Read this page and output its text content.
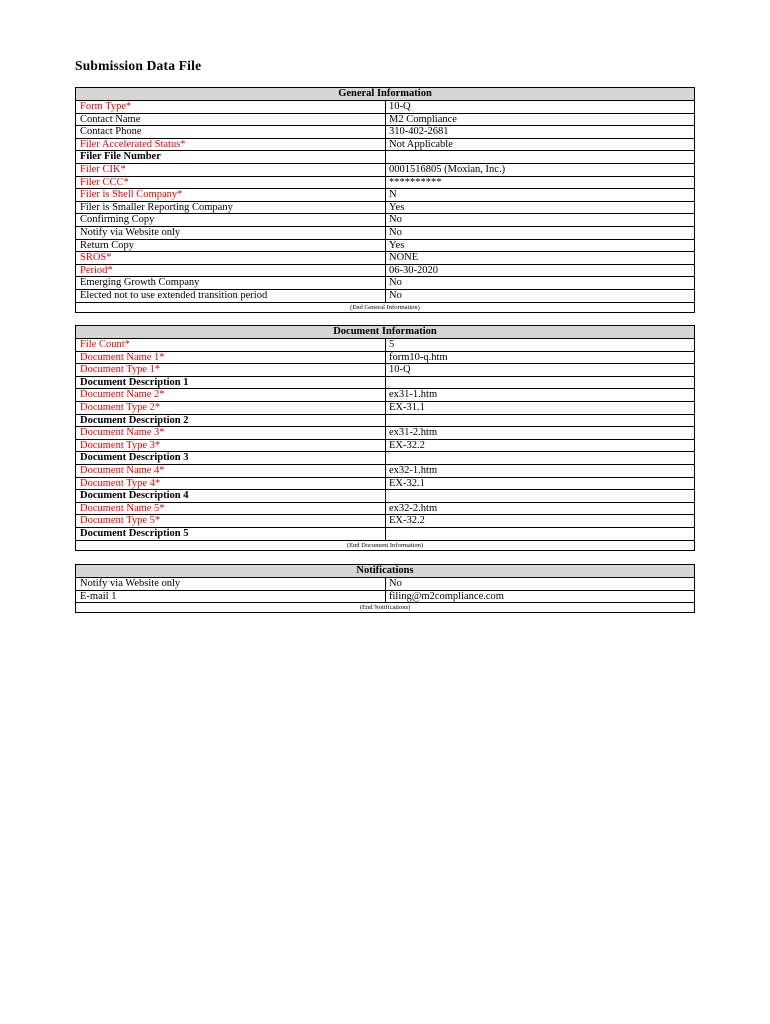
Submission Data File
General Information
Form Type*	10-Q
Contact Name	M2 Compliance
Contact Phone	310-402-2681
Filer Accelerated Status*	Not Applicable
Filer File Number
Filer CIK*	0001516805 (Moxian, Inc.)
Filer CCC*	**********
Filer is Shell Company*	N
Filer is Smaller Reporting Company	Yes
Confirming Copy	No
Notify via Website only	No
Return Copy	Yes
SROS*	NONE
Period*	06-30-2020
Emerging Growth Company	No
Elected not to use extended transition period	No
(End General Information)
Document Information
File Count*	5
Document Name 1*	form10-q.htm
Document Type 1*	10-Q
Document Description 1
Document Name 2*	ex31-1.htm
Document Type 2*	EX-31.1
Document Description 2
Document Name 3*	ex31-2.htm
Document Type 3*	EX-32.2
Document Description 3
Document Name 4*	ex32-1.htm
Document Type 4*	EX-32.1
Document Description 4
Document Name 5*	ex32-2.htm
Document Type 5*	EX-32.2
Document Description 5
(End Document Information)
Notifications
Notify via Website only	No
E-mail 1	filing@m2compliance.com
(End Notifications)
